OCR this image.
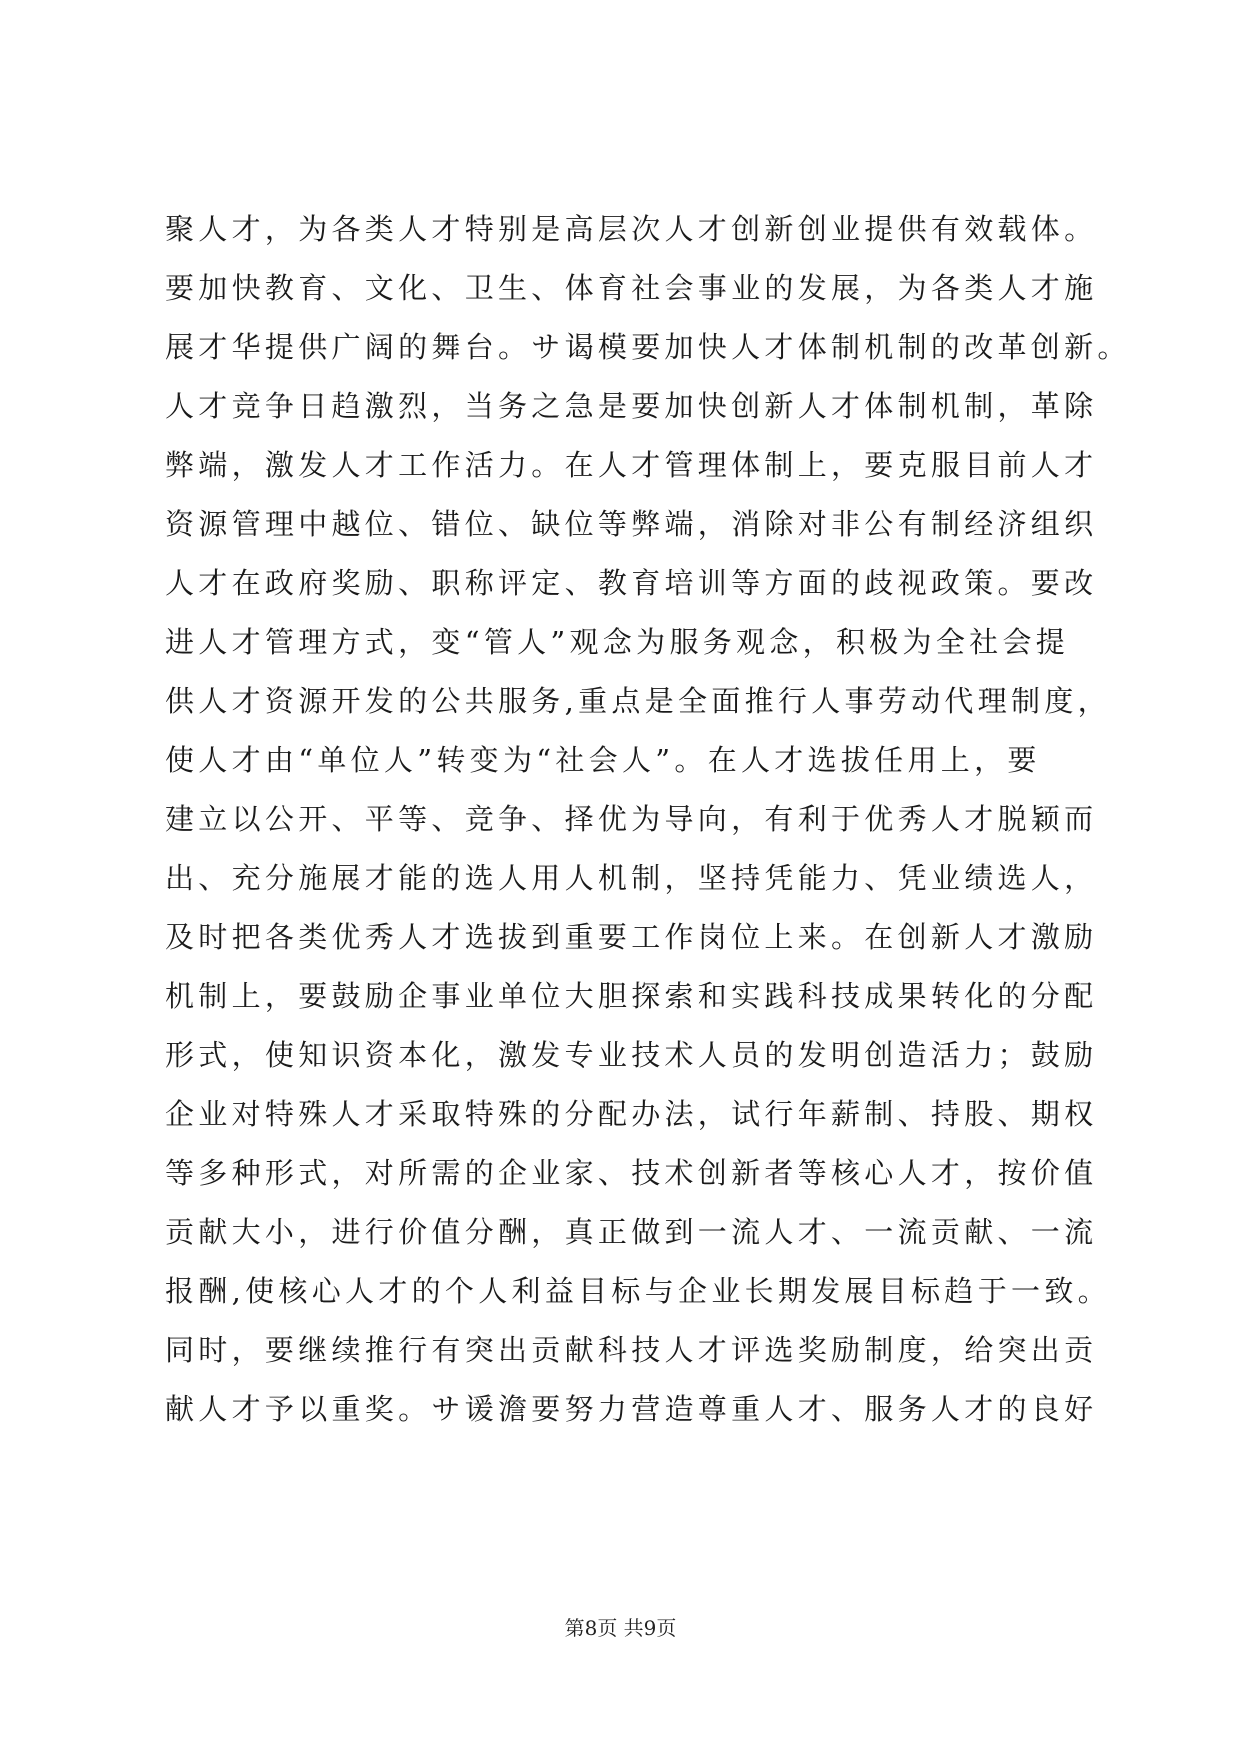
聚人才，为各类人才特别是高层次人才创新创业提供有效载体。
要加快教育、文化、卫生、体育社会事业的发展，为各类人才施
展才华提供广阔的舞台。サ谒模要加快人才体制机制的改革创新。
人才竞争日趋激烈，当务之急是要加快创新人才体制机制，革除
弊端，激发人才工作活力。在人才管理体制上，要克服目前人才
资源管理中越位、错位、缺位等弊端，消除对非公有制经济组织
人才在政府奖励、职称评定、教育培训等方面的歧视政策。要改
进人才管理方式，变“管人”观念为服务观念，积极为全社会提
供人才资源开发的公共服务,重点是全面推行人事劳动代理制度，
使人才由“单位人”转变为“社会人”。在人才选拔任用上，要
建立以公开、平等、竞争、择优为导向，有利于优秀人才脱颖而
出、充分施展才能的选人用人机制，坚持凭能力、凭业绩选人，
及时把各类优秀人才选拔到重要工作岗位上来。在创新人才激励
机制上，要鼓励企事业单位大胆探索和实践科技成果转化的分配
形式，使知识资本化，激发专业技术人员的发明创造活力；鼓励
企业对特殊人才采取特殊的分配办法，试行年薪制、持股、期权
等多种形式，对所需的企业家、技术创新者等核心人才，按价值
贡献大小，进行价值分酬，真正做到一流人才、一流贡献、一流
报酬,使核心人才的个人利益目标与企业长期发展目标趋于一致。
同时，要继续推行有突出贡献科技人才评选奖励制度，给突出贡
献人才予以重奖。サ谖澹要努力营造尊重人才、服务人才的良好
第8页 共9页
